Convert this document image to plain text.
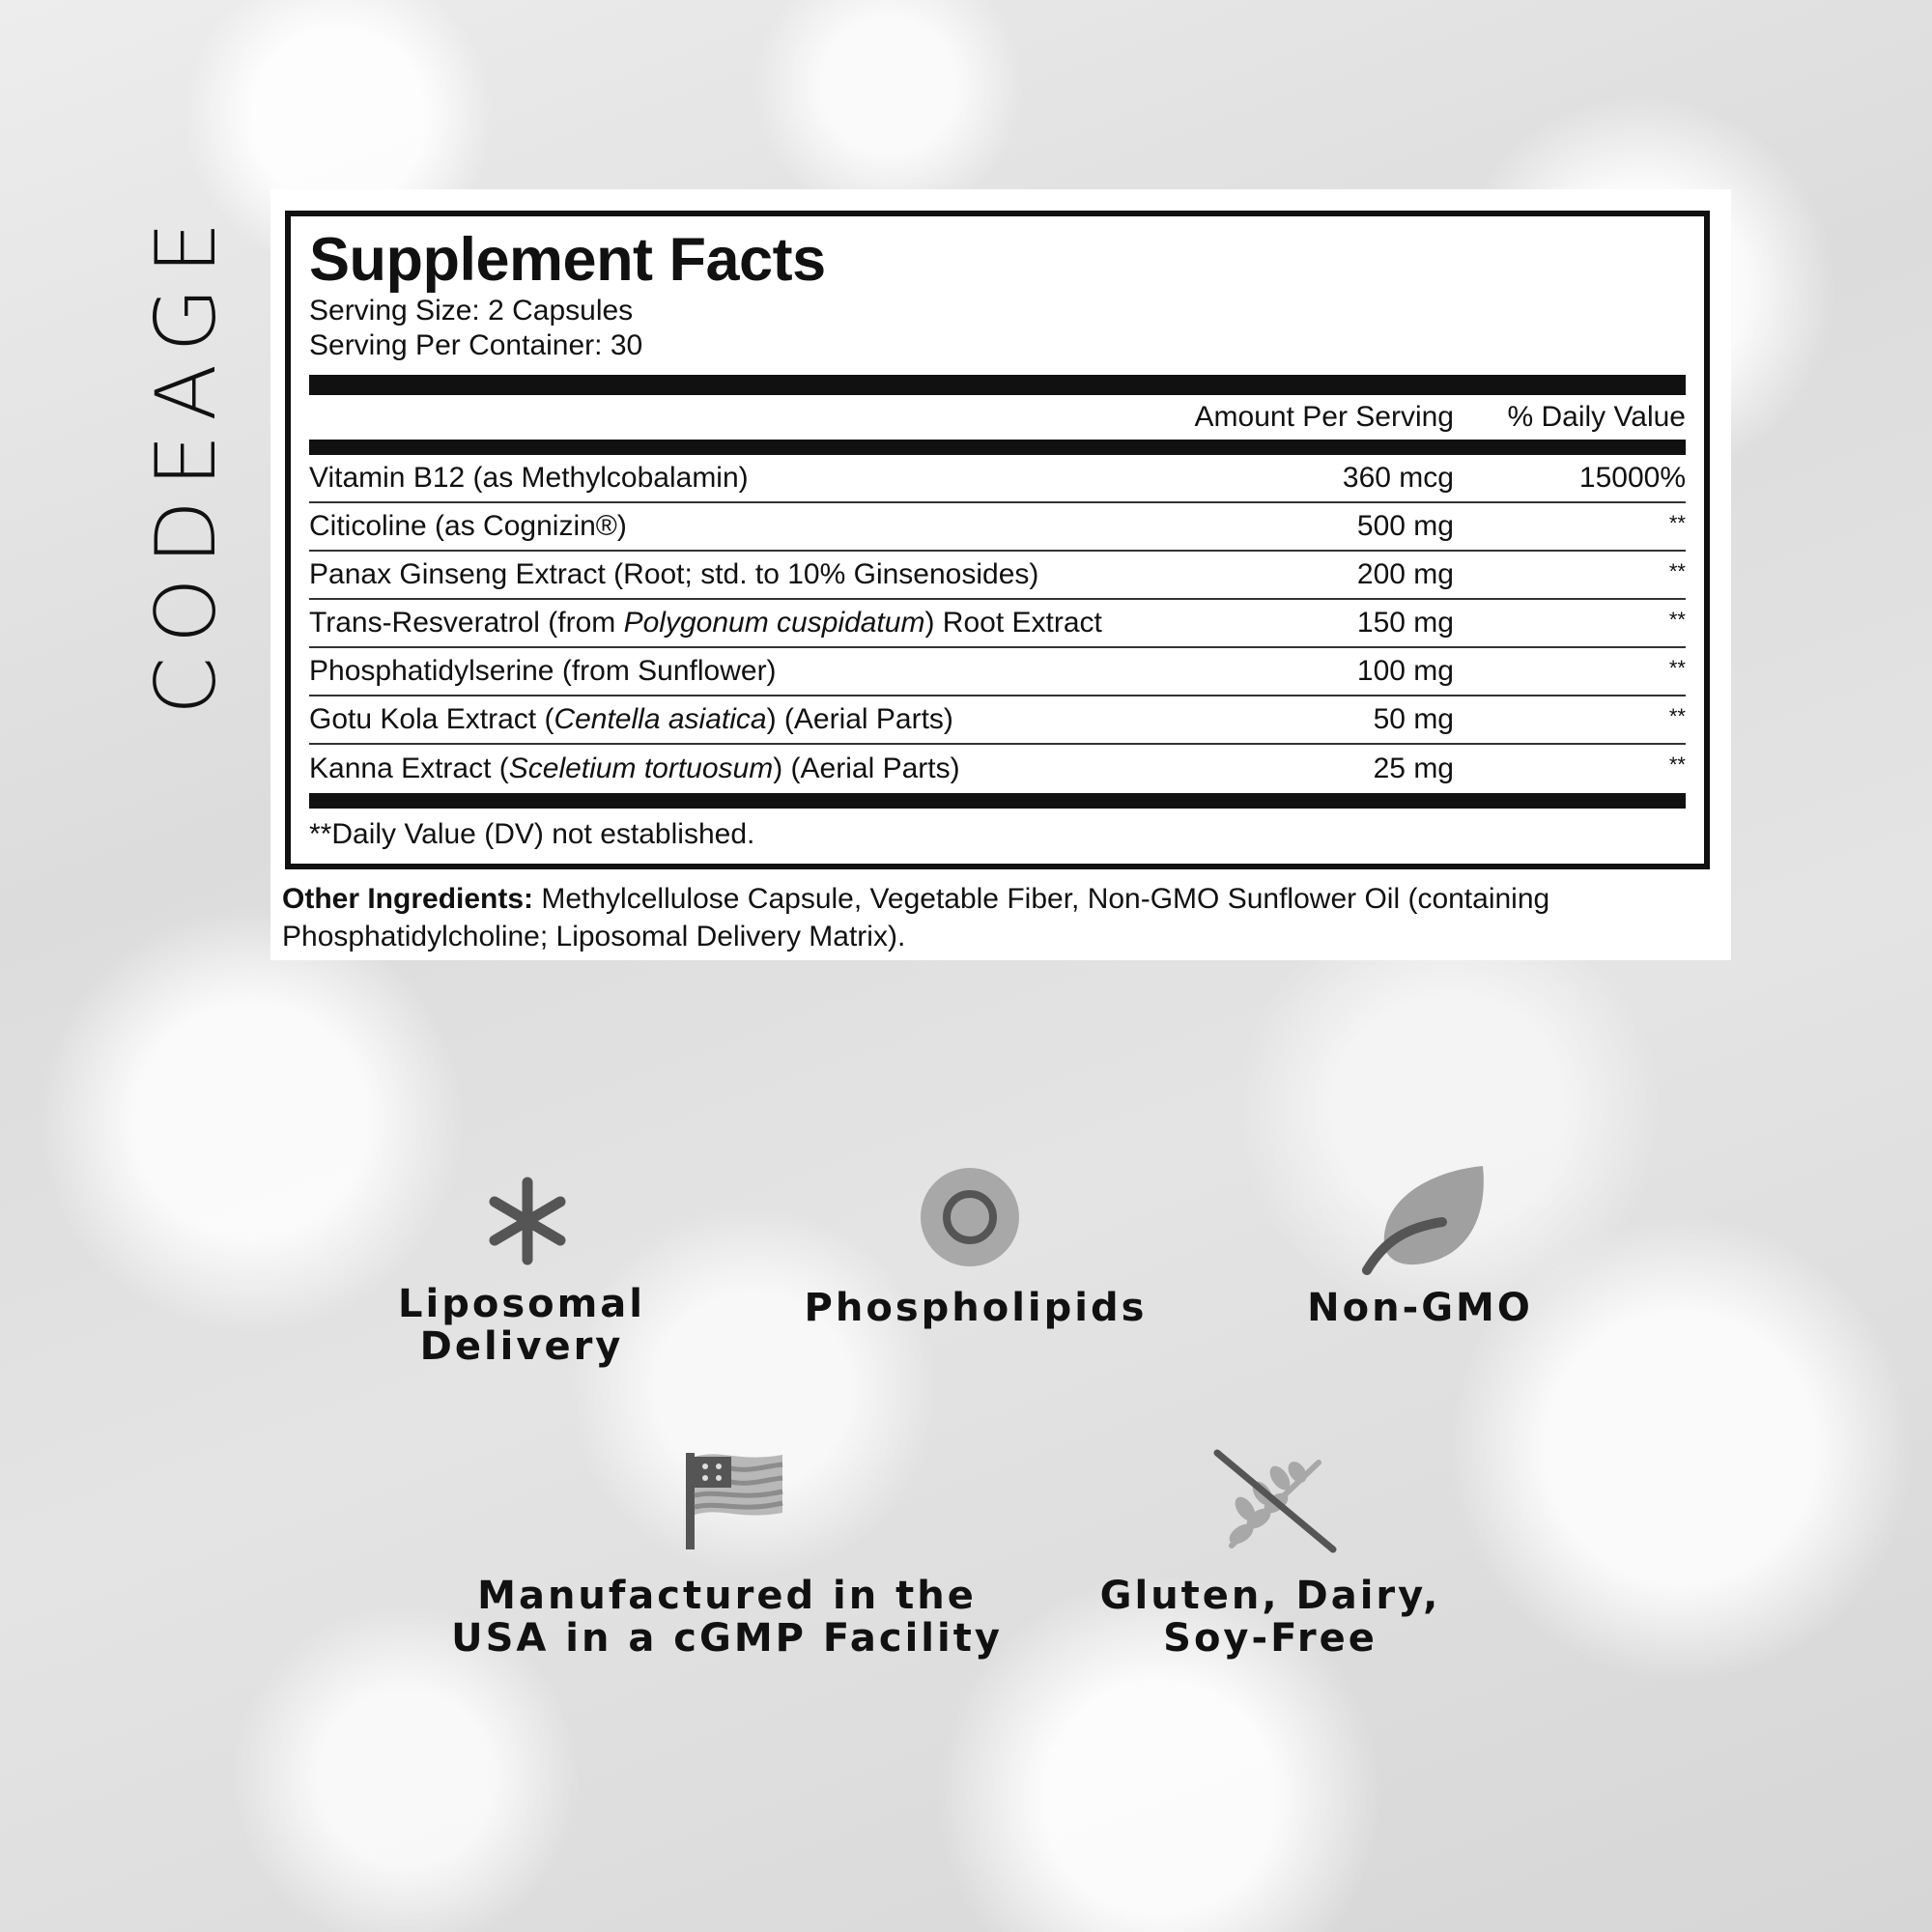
CODEAGE Supplement Facts
Serving Size: 2 Capsules
Serving Per Container: 30
Amount Per Serving	% Daily Value
Vitamin B12 (as Methylcobalamin)	360 mcg	15000%
Citicoline (as Cognizin®)	500 mg	**
Panax Ginseng Extract (Root; std. to 10% Ginsenosides)	200 mg	**
Trans-Resveratrol (from Polygonum cuspidatum) Root Extract	150 mg	**
Phosphatidylserine (from Sunflower)	100 mg	**
Gotu Kola Extract (Centella asiatica) (Aerial Parts)	50 mg	**
Kanna Extract (Sceletium tortuosum) (Aerial Parts)	25 mg	**
**Daily Value (DV) not established.
Other Ingredients: Methylcellulose Capsule, Vegetable Fiber, Non-GMO Sunflower Oil (containing Phosphatidylcholine; Liposomal Delivery Matrix).
Liposomal
Delivery
Phospholipids	Non-GMO
Manufactured in the
USA in a cGMP Facility
Gluten, Dairy,
Soy-Free
